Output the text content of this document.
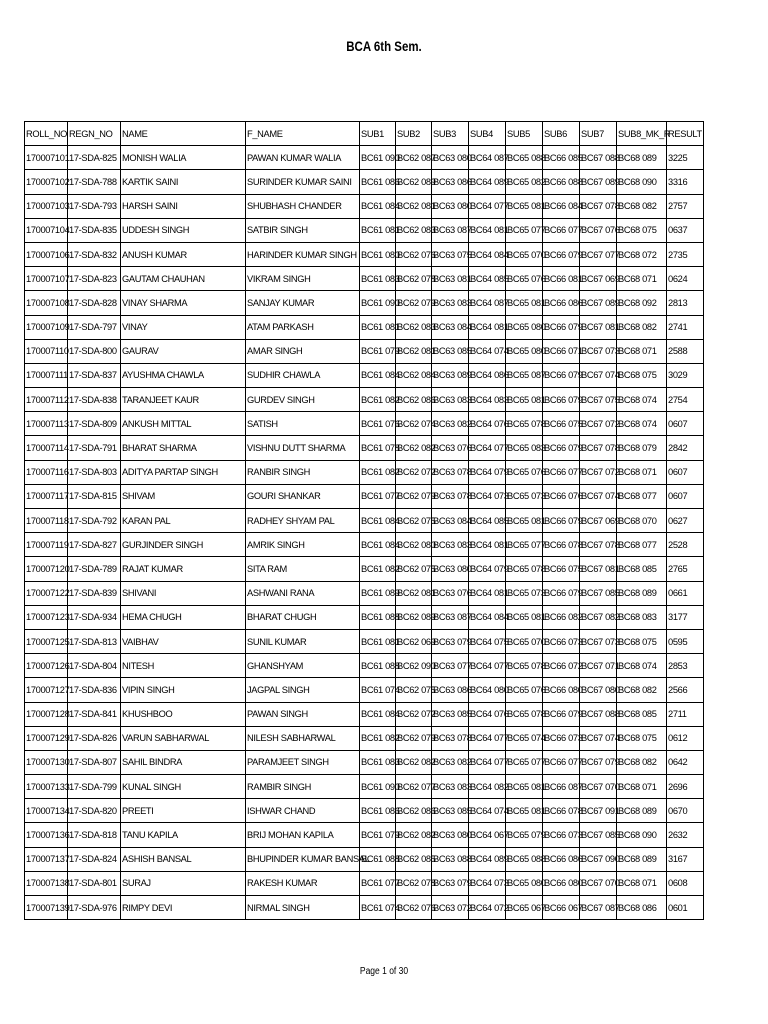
BCA 6th Sem.
ROLL_NO	REGN_NO	NAME	F_NAME	SUB1	SUB2	SUB3	SUB4	SUB5	SUB6	SUB7	SUB8_MK_R	RESULT
170007101	17-SDA-825	MONISH WALIA	PAWAN KUMAR WALIA	BC61 090	BC62 087	BC63 080	BC64 087	BC65 088	BC66 085	BC67 088	BC68 089	3225
170007102	17-SDA-788	KARTIK SAINI	SURINDER KUMAR SAINI	BC61 086	BC62 089	BC63 086	BC64 089	BC65 082	BC66 088	BC67 089	BC68 090	3316
170007103	17-SDA-793	HARSH SAINI	SHUBHASH CHANDER	BC61 084	BC62 081	BC63 080	BC64 077	BC65 081	BC66 084	BC67 078	BC68 082	2757
170007104	17-SDA-835	UDDESH SINGH	SATBIR SINGH	BC61 081	BC62 083	BC63 087	BC64 081	BC65 077	BC66 077	BC67 076	BC68 075	0637
170007106	17-SDA-832	ANUSH KUMAR	HARINDER KUMAR SINGH	BC61 080	BC62 076	BC63 075	BC64 084	BC65 070	BC66 079	BC67 077	BC68 072	2735
170007107	17-SDA-823	GAUTAM CHAUHAN	VIKRAM SINGH	BC61 083	BC62 078	BC63 081	BC64 085	BC65 076	BC66 081	BC67 069	BC68 071	0624
170007108	17-SDA-828	VINAY SHARMA	SANJAY KUMAR	BC61 090	BC62 079	BC63 083	BC64 087	BC65 081	BC66 086	BC67 089	BC68 092	2813
170007109	17-SDA-797	VINAY	ATAM PARKASH	BC61 081	BC62 083	BC63 084	BC64 081	BC65 080	BC66 079	BC67 081	BC68 082	2741
170007110	17-SDA-800	GAURAV	AMAR SINGH	BC61 079	BC62 081	BC63 085	BC64 074	BC65 080	BC66 071	BC67 073	BC68 071	2588
170007111	17-SDA-837	AYUSHMA CHAWLA	SUDHIR CHAWLA	BC61 084	BC62 084	BC63 089	BC64 086	BC65 087	BC66 079	BC67 074	BC68 075	3029
170007112	17-SDA-838	TARANJEET KAUR	GURDEV SINGH	BC61 082	BC62 086	BC63 083	BC64 083	BC65 081	BC66 079	BC67 075	BC68 074	2754
170007113	17-SDA-809	ANKUSH MITTAL	SATISH	BC61 076	BC62 074	BC63 082	BC64 076	BC65 078	BC66 075	BC67 072	BC68 074	0607
170007114	17-SDA-791	BHARAT SHARMA	VISHNU DUTT SHARMA	BC61 078	BC62 082	BC63 076	BC64 077	BC65 083	BC66 079	BC67 078	BC68 079	2842
170007116	17-SDA-803	ADITYA PARTAP SINGH	RANBIR SINGH	BC61 082	BC62 072	BC63 078	BC64 079	BC65 076	BC66 077	BC67 072	BC68 071	0607
170007117	17-SDA-815	SHIVAM	GOURI SHANKAR	BC61 077	BC62 079	BC63 078	BC64 073	BC65 073	BC66 076	BC67 074	BC68 077	0607
170007118	17-SDA-792	KARAN PAL	RADHEY SHYAM PAL	BC61 084	BC62 075	BC63 084	BC64 085	BC65 081	BC66 079	BC67 069	BC68 070	0627
170007119	17-SDA-827	GURJINDER SINGH	AMRIK SINGH	BC61 084	BC62 080	BC63 083	BC64 081	BC65 077	BC66 078	BC67 078	BC68 077	2528
170007120	17-SDA-789	RAJAT KUMAR	SITA RAM	BC61 082	BC62 075	BC63 080	BC64 079	BC65 078	BC66 075	BC67 081	BC68 085	2765
170007122	17-SDA-839	SHIVANI	ASHWANI RANA	BC61 089	BC62 081	BC63 076	BC64 081	BC65 073	BC66 079	BC67 085	BC68 089	0661
170007123	17-SDA-934	HEMA CHUGH	BHARAT CHUGH	BC61 088	BC62 089	BC63 087	BC64 084	BC65 081	BC66 082	BC67 082	BC68 083	3177
170007125	17-SDA-813	VAIBHAV	SUNIL KUMAR	BC61 081	BC62 069	BC63 079	BC64 075	BC65 070	BC66 073	BC67 073	BC68 075	0595
170007126	17-SDA-804	NITESH	GHANSHYAM	BC61 088	BC62 090	BC63 077	BC64 077	BC65 078	BC66 072	BC67 071	BC68 074	2853
170007127	17-SDA-836	VIPIN SINGH	JAGPAL SINGH	BC61 074	BC62 075	BC63 086	BC64 080	BC65 076	BC66 080	BC67 080	BC68 082	2566
170007128	17-SDA-841	KHUSHBOO	PAWAN SINGH	BC61 084	BC62 072	BC63 085	BC64 076	BC65 078	BC66 079	BC67 088	BC68 085	2711
170007129	17-SDA-826	VARUN SABHARWAL	NILESH SABHARWAL	BC61 082	BC62 079	BC63 078	BC64 077	BC65 074	BC66 073	BC67 074	BC68 075	0612
170007130	17-SDA-807	SAHIL BINDRA	PARAMJEET SINGH	BC61 083	BC62 082	BC63 082	BC64 077	BC65 077	BC66 077	BC67 079	BC68 082	0642
170007133	17-SDA-799	KUNAL SINGH	RAMBIR SINGH	BC61 090	BC62 077	BC63 083	BC64 082	BC65 081	BC66 087	BC67 070	BC68 071	2696
170007134	17-SDA-820	PREETI	ISHWAR CHAND	BC61 086	BC62 086	BC63 085	BC64 074	BC65 081	BC66 078	BC67 091	BC68 089	0670
170007136	17-SDA-818	TANU KAPILA	BRIJ MOHAN KAPILA	BC61 079	BC62 082	BC63 080	BC64 067	BC65 079	BC66 073	BC67 085	BC68 090	2632
170007137	17-SDA-824	ASHISH BANSAL	BHUPINDER KUMAR BANSAL	BC61 088	BC62 085	BC63 088	BC64 089	BC65 088	BC66 086	BC67 090	BC68 089	3167
170007138	17-SDA-801	SURAJ	RAKESH KUMAR	BC61 077	BC62 078	BC63 079	BC64 073	BC65 080	BC66 080	BC67 070	BC68 071	0608
170007139	17-SDA-976	RIMPY DEVI	NIRMAL SINGH	BC61 074	BC62 076	BC63 072	BC64 072	BC65 067	BC66 067	BC67 087	BC68 086	0601
Page 1 of 30
